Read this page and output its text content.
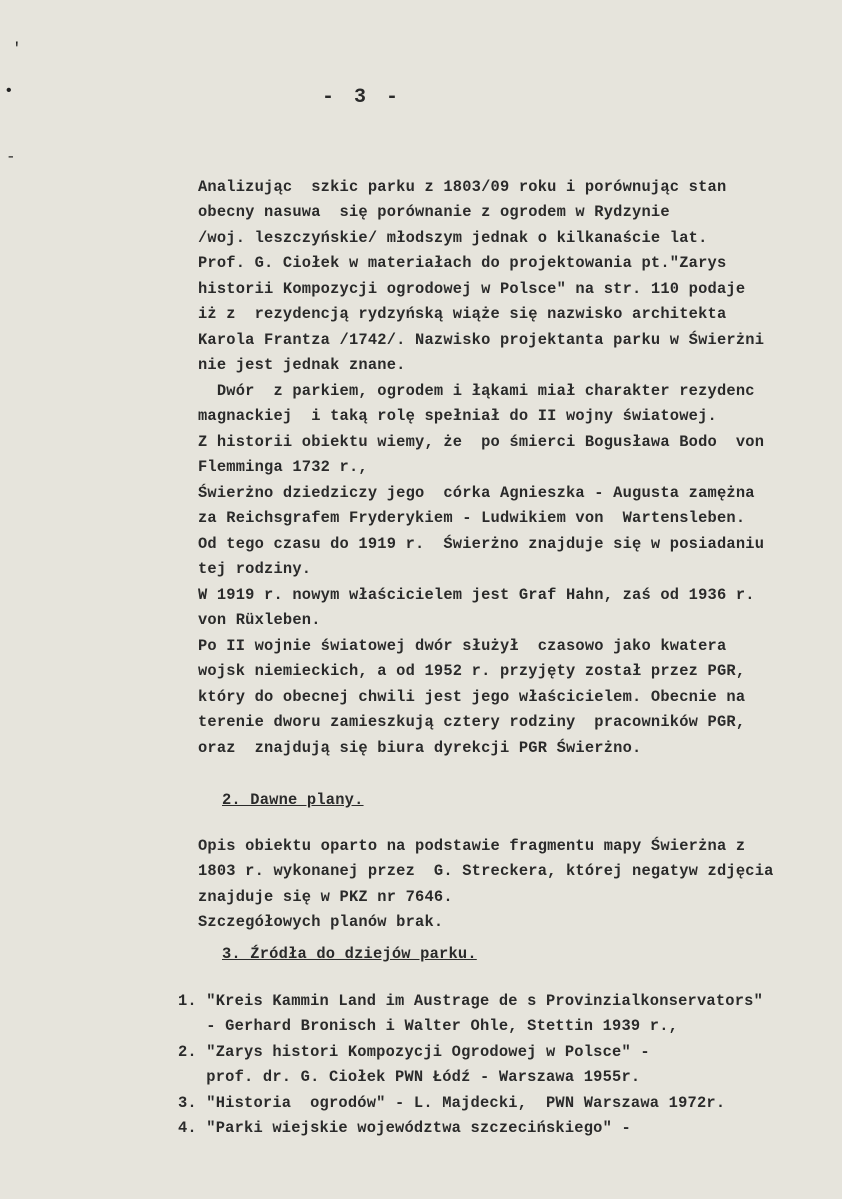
'
•
-
- 3 -
Analizując  szkic parku z 1803/09 roku i porównując stan
obecny nasuwa  się porównanie z ogrodem w Rydzynie
/woj. leszczyńskie/ młodszym jednak o kilkanaście lat.
Prof. G. Ciołek w materiałach do projektowania pt."Zarys
historii Kompozycji ogrodowej w Polsce" na str. 110 podaje
iż z  rezydencją rydzyńską wiąże się nazwisko architekta
Karola Frantza /1742/. Nazwisko projektanta parku w Świerżni
nie jest jednak znane.
Dwór  z parkiem, ogrodem i łąkami miał charakter rezydenc
magnackiej  i taką rolę spełniał do II wojny światowej.
Z historii obiektu wiemy, że  po śmierci Bogusława Bodo  von
Flemminga 1732 r.,
Świerżno dziedziczy jego  córka Agnieszka - Augusta zamężna
za Reichsgrafem Fryderykiem - Ludwikiem von  Wartensleben.
Od tego czasu do 1919 r.  Świerżno znajduje się w posiadaniu
tej rodziny.
W 1919 r. nowym właścicielem jest Graf Hahn, zaś od 1936 r.
von Rüxleben.
Po II wojnie światowej dwór służył  czasowo jako kwatera
wojsk niemieckich, a od 1952 r. przyjęty został przez PGR,
który do obecnej chwili jest jego właścicielem. Obecnie na
terenie dworu zamieszkują cztery rodziny  pracowników PGR,
oraz  znajdują się biura dyrekcji PGR Świerżno.
2. Dawne plany.
Opis obiektu oparto na podstawie fragmentu mapy Świerżna z
1803 r. wykonanej przez  G. Streckera, której negatyw zdjęcia
znajduje się w PKZ nr 7646.
Szczegółowych planów brak.
3. Źródła do dziejów parku.
1. "Kreis Kammin Land im Austrage de s Provinzialkonservators"
- Gerhard Bronisch i Walter Ohle, Stettin 1939 r.,
2. "Zarys histori Kompozycji Ogrodowej w Polsce" -
prof. dr. G. Ciołek PWN Łódź - Warszawa 1955r.
3. "Historia  ogrodów" - L. Majdecki,  PWN Warszawa 1972r.
4. "Parki wiejskie województwa szczecińskiego" -
